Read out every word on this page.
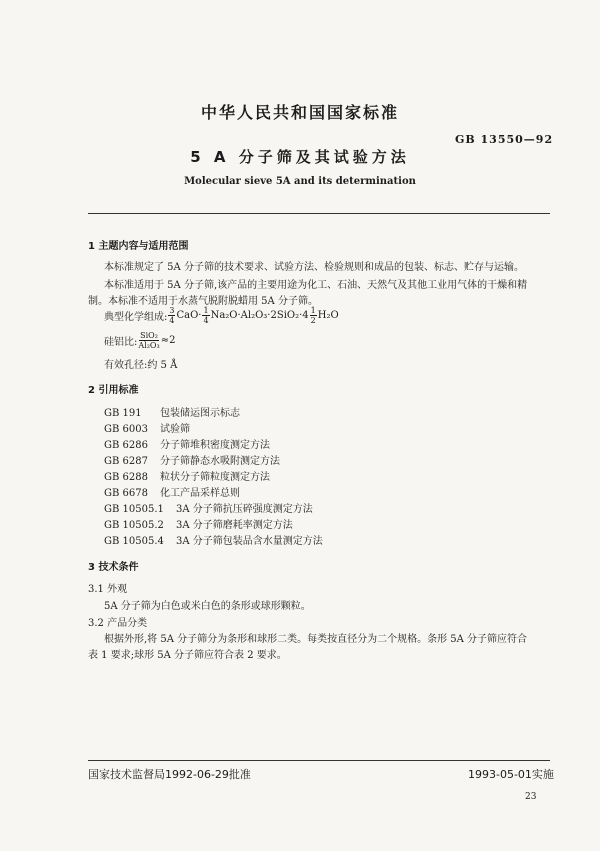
中华人民共和国国家标准
GB 13550—92
5 A 分子筛及其试验方法
Molecular sieve 5A and its determination
1 主题内容与适用范围
本标准规定了 5A 分子筛的技术要求、试验方法、检验规则和成品的包装、标志、贮存与运输。
本标准适用于 5A 分子筛,该产品的主要用途为化工、石油、天然气及其他工业用气体的干燥和精
制。本标准不适用于水蒸气脱附脱蜡用 5A 分子筛。
典型化学组成: $\frac{3}{4} CaO\cdot \frac{1}{4} Na_2O\cdot Al_2O_3\cdot 2SiO_2\cdot 4 \frac{1}{2} H_2O$
硅铝比: $\frac{\text{SiO₂}}{\text{Al₂O₃}} \approx 2$
有效孔径:约 5 Å
2 引用标准
GB 191 包装储运图示标志
GB 6003 试验筛
GB 6286 分子筛堆积密度测定方法
GB 6287 分子筛静态水吸附测定方法
GB 6288 粒状分子筛粒度测定方法
GB 6678 化工产品采样总则
GB 10505.1 3A 分子筛抗压碎强度测定方法
GB 10505.2 3A 分子筛磨耗率测定方法
GB 10505.4 3A 分子筛包装品含水量测定方法
3 技术条件
3.1 外观
5A 分子筛为白色或米白色的条形或球形颗粒。
3.2 产品分类
根据外形,将 5A 分子筛分为条形和球形二类。每类按直径分为二个规格。条形 5A 分子筛应符合
表 1 要求;球形 5A 分子筛应符合表 2 要求。
国家技术监督局1992-06-29批准	1993-05-01实施
23
